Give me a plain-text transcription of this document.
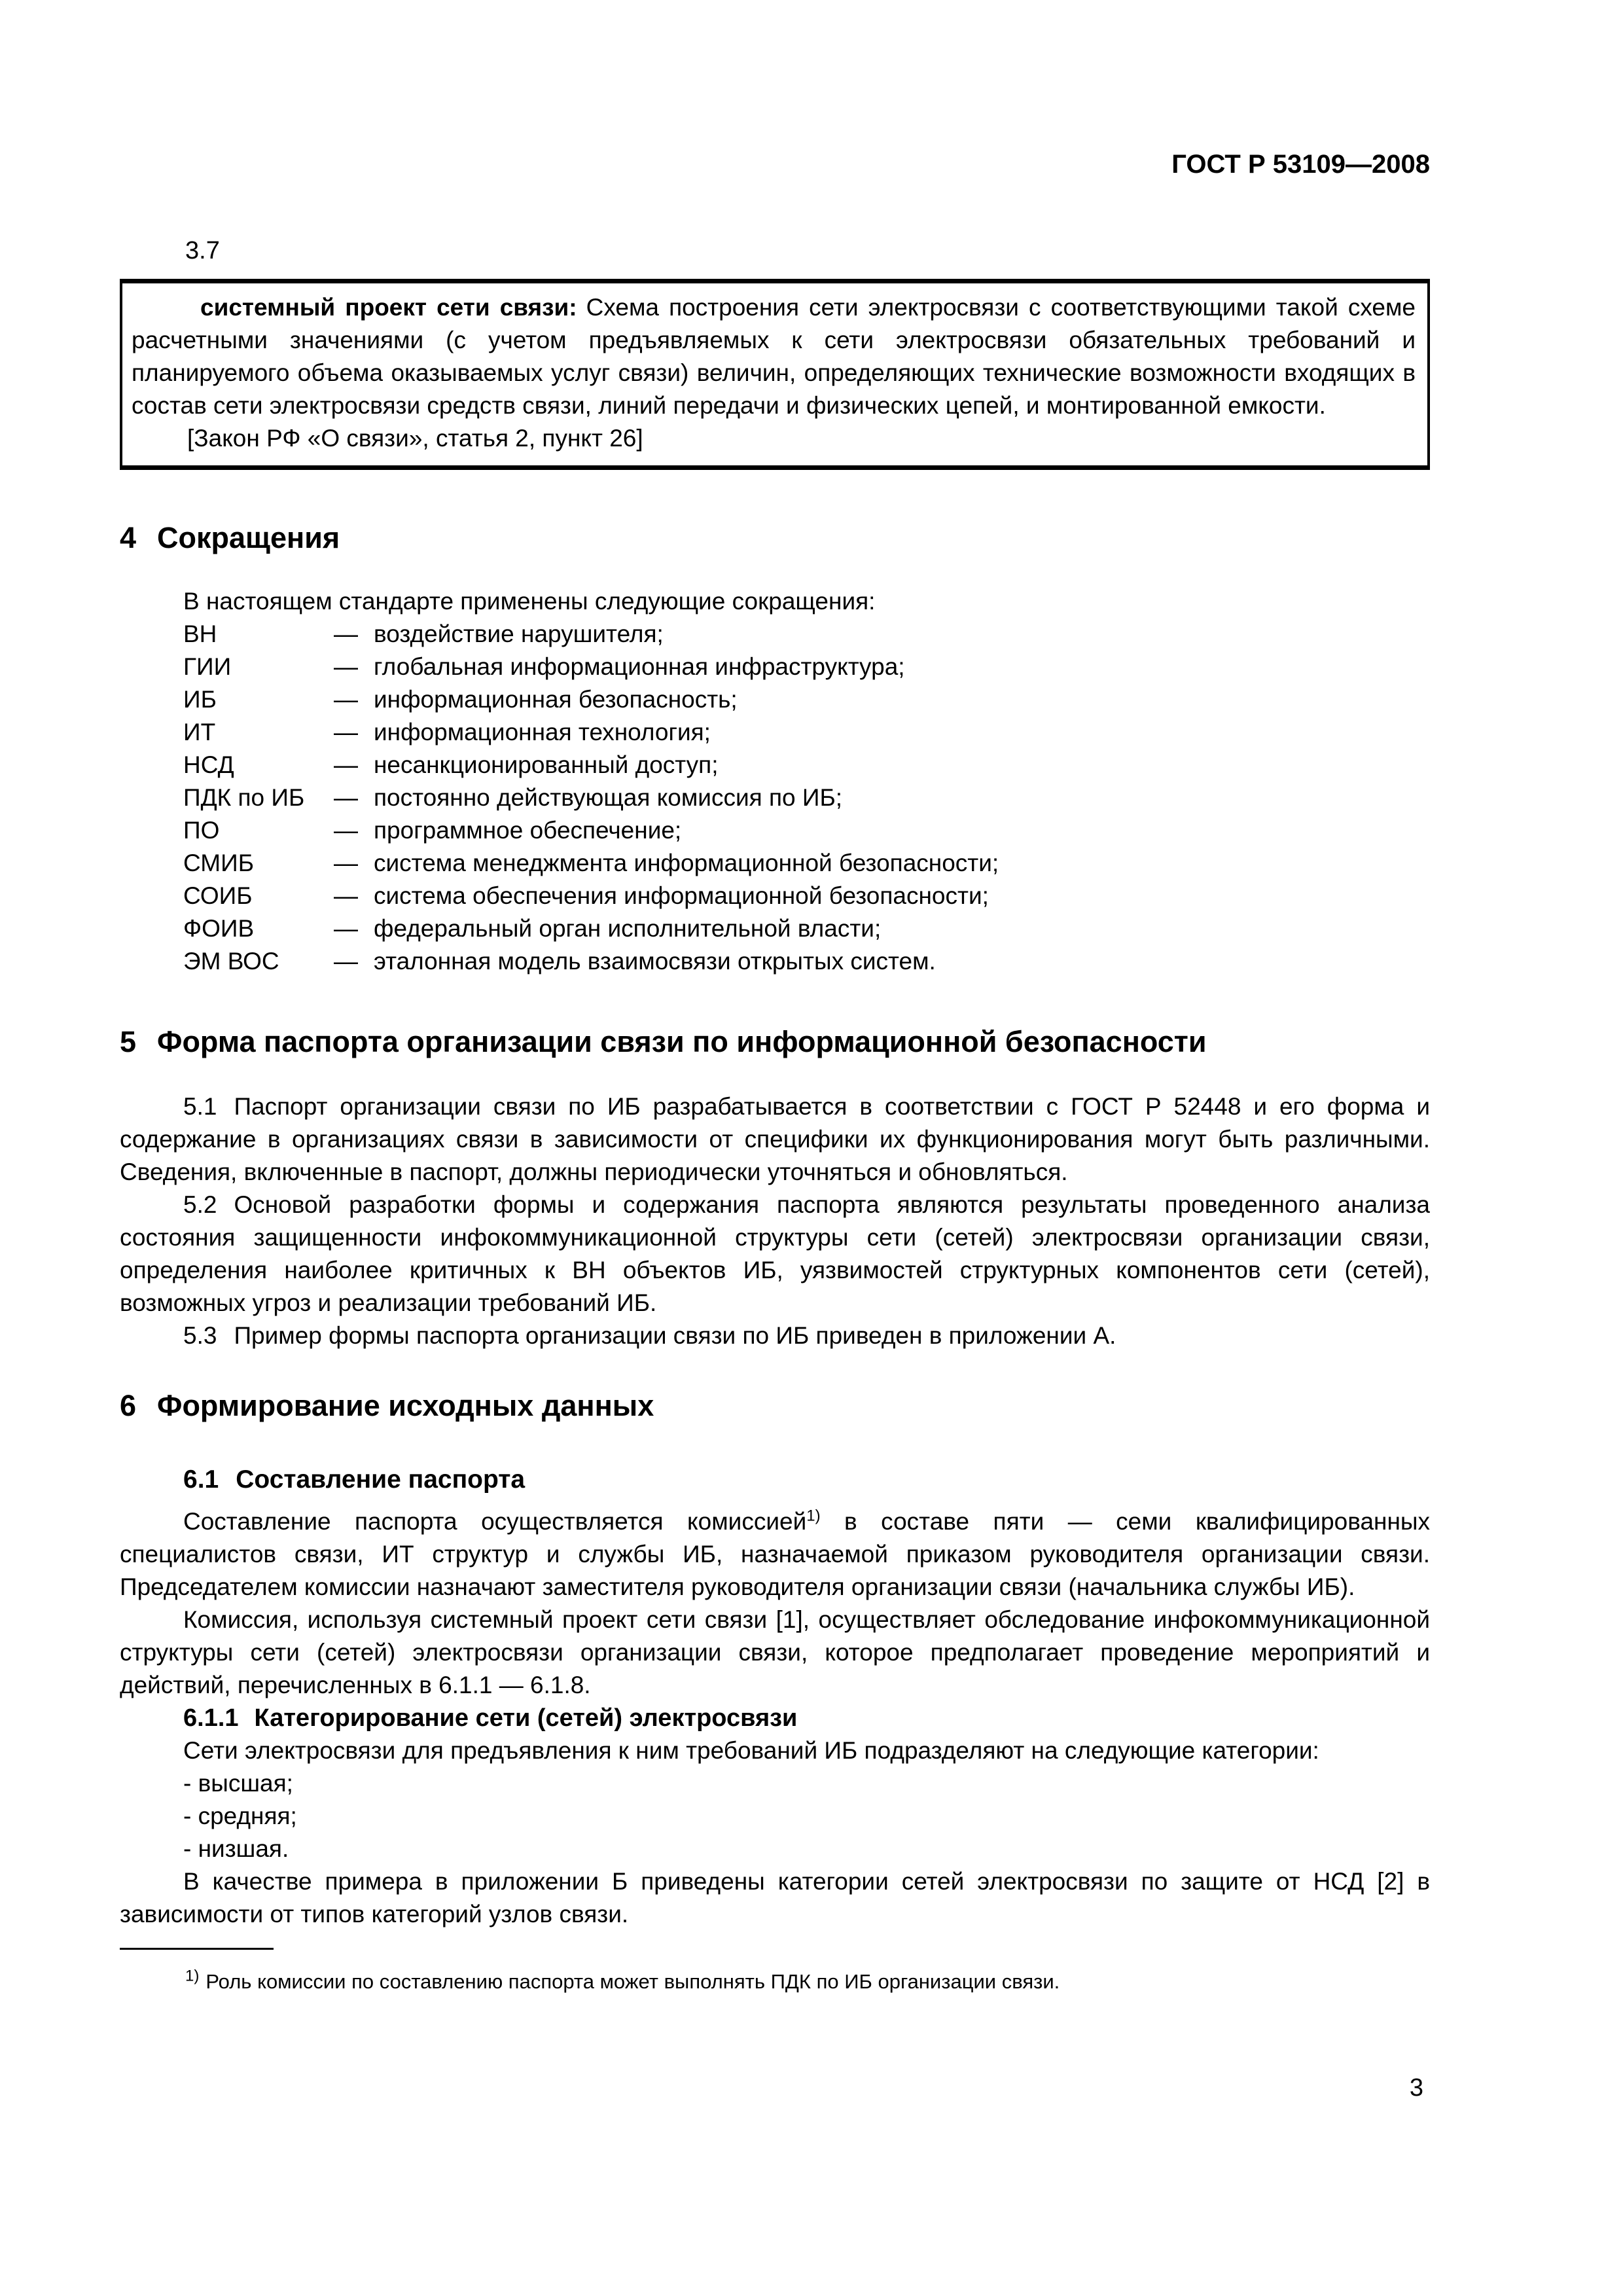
ГОСТ Р 53109—2008
3.7

системный проект сети связи: Схема построения сети электросвязи с соответствующими такой схеме расчетными значениями (с учетом предъявляемых к сети электросвязи обязательных требований и планируемого объема оказываемых услуг связи) величин, определяющих технические возможности входящих в состав сети электросвязи средств связи, линий передачи и физических цепей, и монтированной емкости.

[Закон РФ «О связи», статья 2, пункт 26]

4 Сокращения

В настоящем стандарте применены следующие сокращения:

ВН	— воздействие нарушителя;
ГИИ	— глобальная информационная инфраструктура;
ИБ	— информационная безопасность;
ИТ	— информационная технология;
НСД	— несанкционированный доступ;
ПДК по ИБ	— постоянно действующая комиссия по ИБ;
ПО	— программное обеспечение;
СМИБ	— система менеджмента информационной безопасности;
СОИБ	— система обеспечения информационной безопасности;
ФОИВ	— федеральный орган исполнительной власти;
ЭМ ВОС	— эталонная модель взаимосвязи открытых систем.
5 Форма паспорта организации связи по информационной безопасности

5.1 Паспорт организации связи по ИБ разрабатывается в соответствии с ГОСТ Р 52448 и его форма и содержание в организациях связи в зависимости от специфики их функционирования могут быть различными. Сведения, включенные в паспорт, должны периодически уточняться и обновляться.

5.2 Основой разработки формы и содержания паспорта являются результаты проведенного анализа состояния защищенности инфокоммуникационной структуры сети (сетей) электросвязи организации связи, определения наиболее критичных к ВН объектов ИБ, уязвимостей структурных компонентов сети (сетей), возможных угроз и реализации требований ИБ.

5.3 Пример формы паспорта организации связи по ИБ приведен в приложении А.

6 Формирование исходных данных
6.1 Составление паспорта

Составление паспорта осуществляется комиссией$^{1)}$ в составе пяти — семи квалифицированных специалистов связи, ИТ структур и службы ИБ, назначаемой приказом руководителя организации связи. Председателем комиссии назначают заместителя руководителя организации связи (начальника службы ИБ).

Комиссия, используя системный проект сети связи [1], осуществляет обследование инфокоммуникационной структуры сети (сетей) электросвязи организации связи, которое предполагает проведение мероприятий и действий, перечисленных в 6.1.1 — 6.1.8.

6.1.1 Категорирование сети (сетей) электросвязи

Сети электросвязи для предъявления к ним требований ИБ подразделяют на следующие категории:

- высшая;

- средняя;

- низшая.

В качестве примера в приложении Б приведены категории сетей электросвязи по защите от НСД [2] в зависимости от типов категорий узлов связи.

$^{1)}$ Роль комиссии по составлению паспорта может выполнять ПДК по ИБ организации связи.

3
